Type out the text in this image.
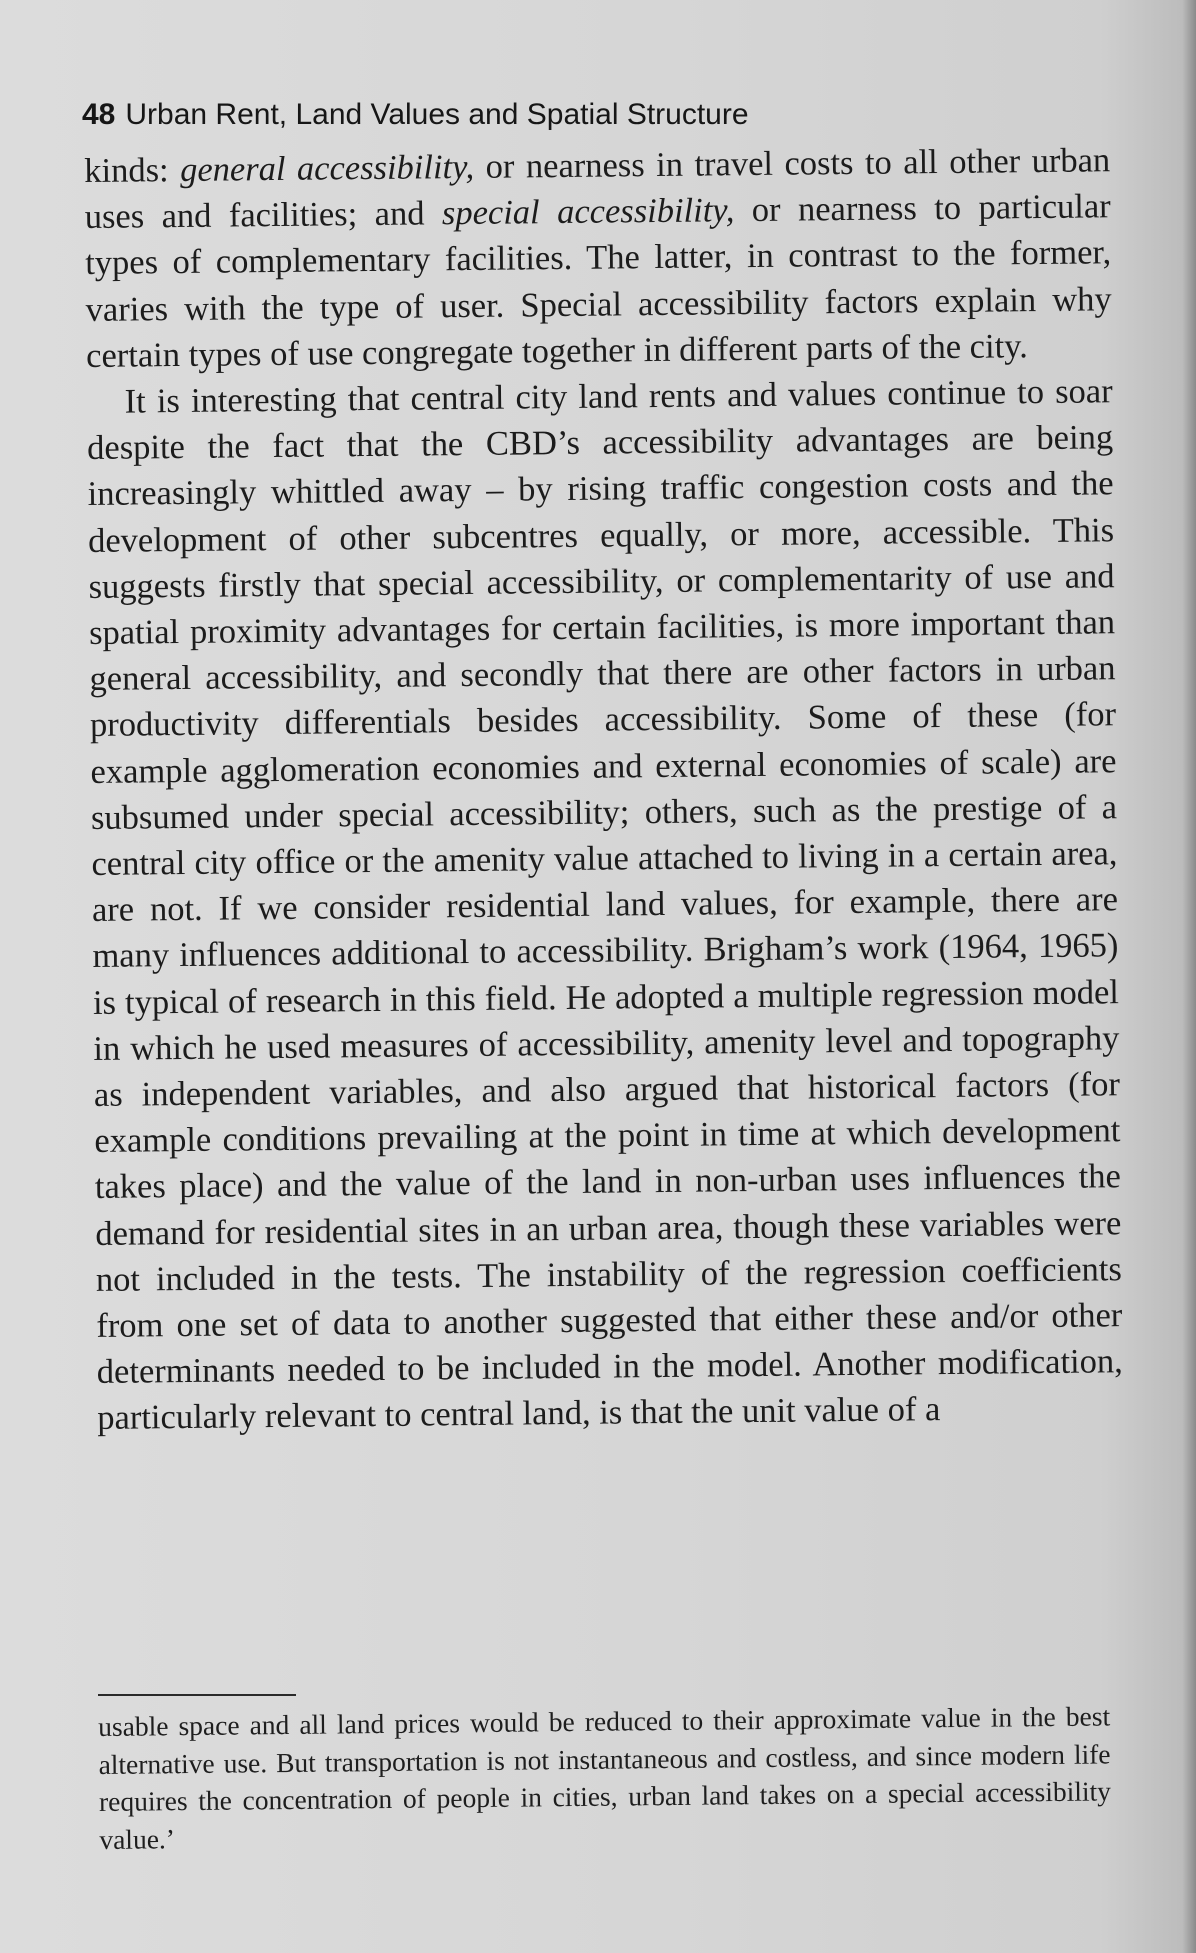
48 Urban Rent, Land Values and Spatial Structure

kinds: general accessibility, or nearness in travel costs to all other urban uses and facilities; and special accessibility, or nearness to particular types of complementary facilities. The latter, in contrast to the former, varies with the type of user. Special accessibility factors explain why certain types of use congregate together in different parts of the city.

It is interesting that central city land rents and values continue to soar despite the fact that the CBD’s accessibility advantages are being increasingly whittled away – by rising traffic congestion costs and the development of other subcentres equally, or more, accessible. This suggests firstly that special accessibility, or complementarity of use and spatial proximity advantages for certain facilities, is more important than general accessibility, and secondly that there are other factors in urban productivity differentials besides accessibility. Some of these (for example agglomeration economies and external economies of scale) are subsumed under special accessibility; others, such as the prestige of a central city office or the amenity value attached to living in a certain area, are not. If we consider residential land values, for example, there are many influences additional to accessibility. Brigham’s work (1964, 1965) is typical of research in this field. He adopted a multiple regression model in which he used measures of accessibility, amenity level and topography as independent variables, and also argued that historical factors (for example conditions prevailing at the point in time at which development takes place) and the value of the land in non-urban uses influences the demand for residential sites in an urban area, though these variables were not included in the tests. The instability of the regression coefficients from one set of data to another suggested that either these and/or other determinants needed to be included in the model. Another modification, particularly relevant to central land, is that the unit value of a

usable space and all land prices would be reduced to their approximate value in the best alternative use. But transportation is not instantaneous and costless, and since modern life requires the concentration of people in cities, urban land takes on a special accessibility value.’
